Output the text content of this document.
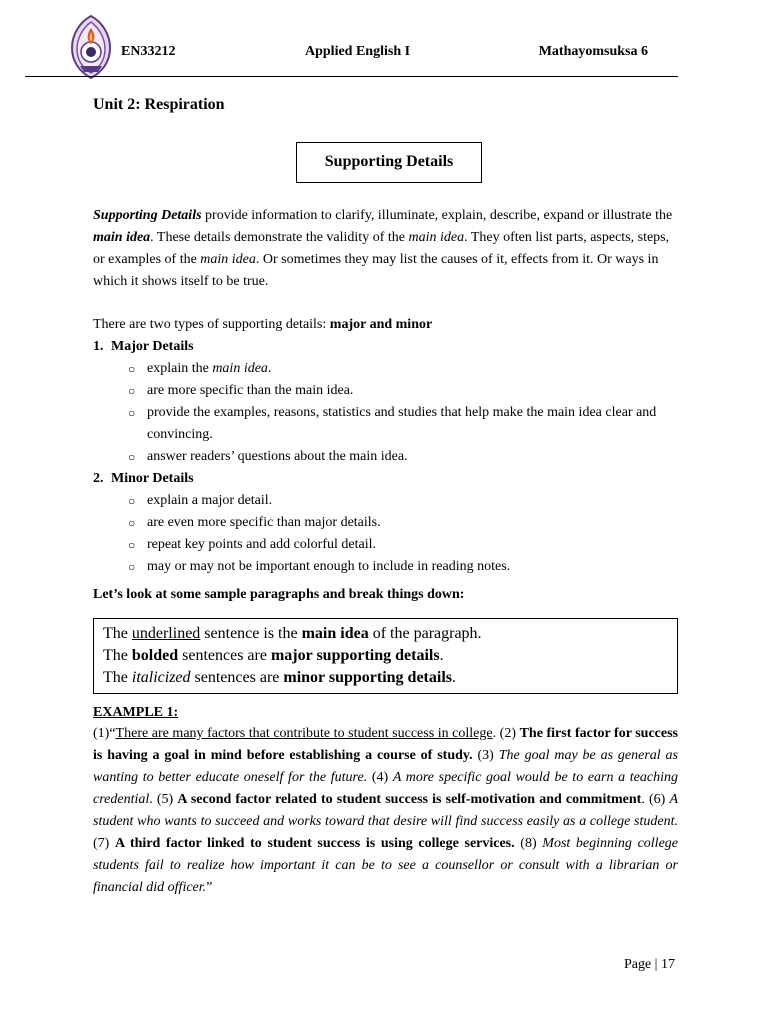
EN33212	Applied English I	Mathayomsuksa 6
Unit 2: Respiration
Supporting Details
Supporting Details provide information to clarify, illuminate, explain, describe, expand or illustrate the main idea. These details demonstrate the validity of the main idea. They often list parts, aspects, steps, or examples of the main idea. Or sometimes they may list the causes of it, effects from it. Or ways in which it shows itself to be true.
There are two types of supporting details: major and minor
1. Major Details
○ explain the main idea.
○ are more specific than the main idea.
○ provide the examples, reasons, statistics and studies that help make the main idea clear and convincing.
○ answer readers’ questions about the main idea.
2. Minor Details
○ explain a major detail.
○ are even more specific than major details.
○ repeat key points and add colorful detail.
○ may or may not be important enough to include in reading notes.
Let’s look at some sample paragraphs and break things down:
The underlined sentence is the main idea of the paragraph.
The bolded sentences are major supporting details.
The italicized sentences are minor supporting details.
EXAMPLE 1:
(1)“There are many factors that contribute to student success in college. (2) The first factor for success is having a goal in mind before establishing a course of study. (3) The goal may be as general as wanting to better educate oneself for the future. (4) A more specific goal would be to earn a teaching credential. (5) A second factor related to student success is self-motivation and commitment. (6) A student who wants to succeed and works toward that desire will find success easily as a college student. (7) A third factor linked to student success is using college services. (8) Most beginning college students fail to realize how important it can be to see a counsellor or consult with a librarian or financial did officer.”
Page | 17
